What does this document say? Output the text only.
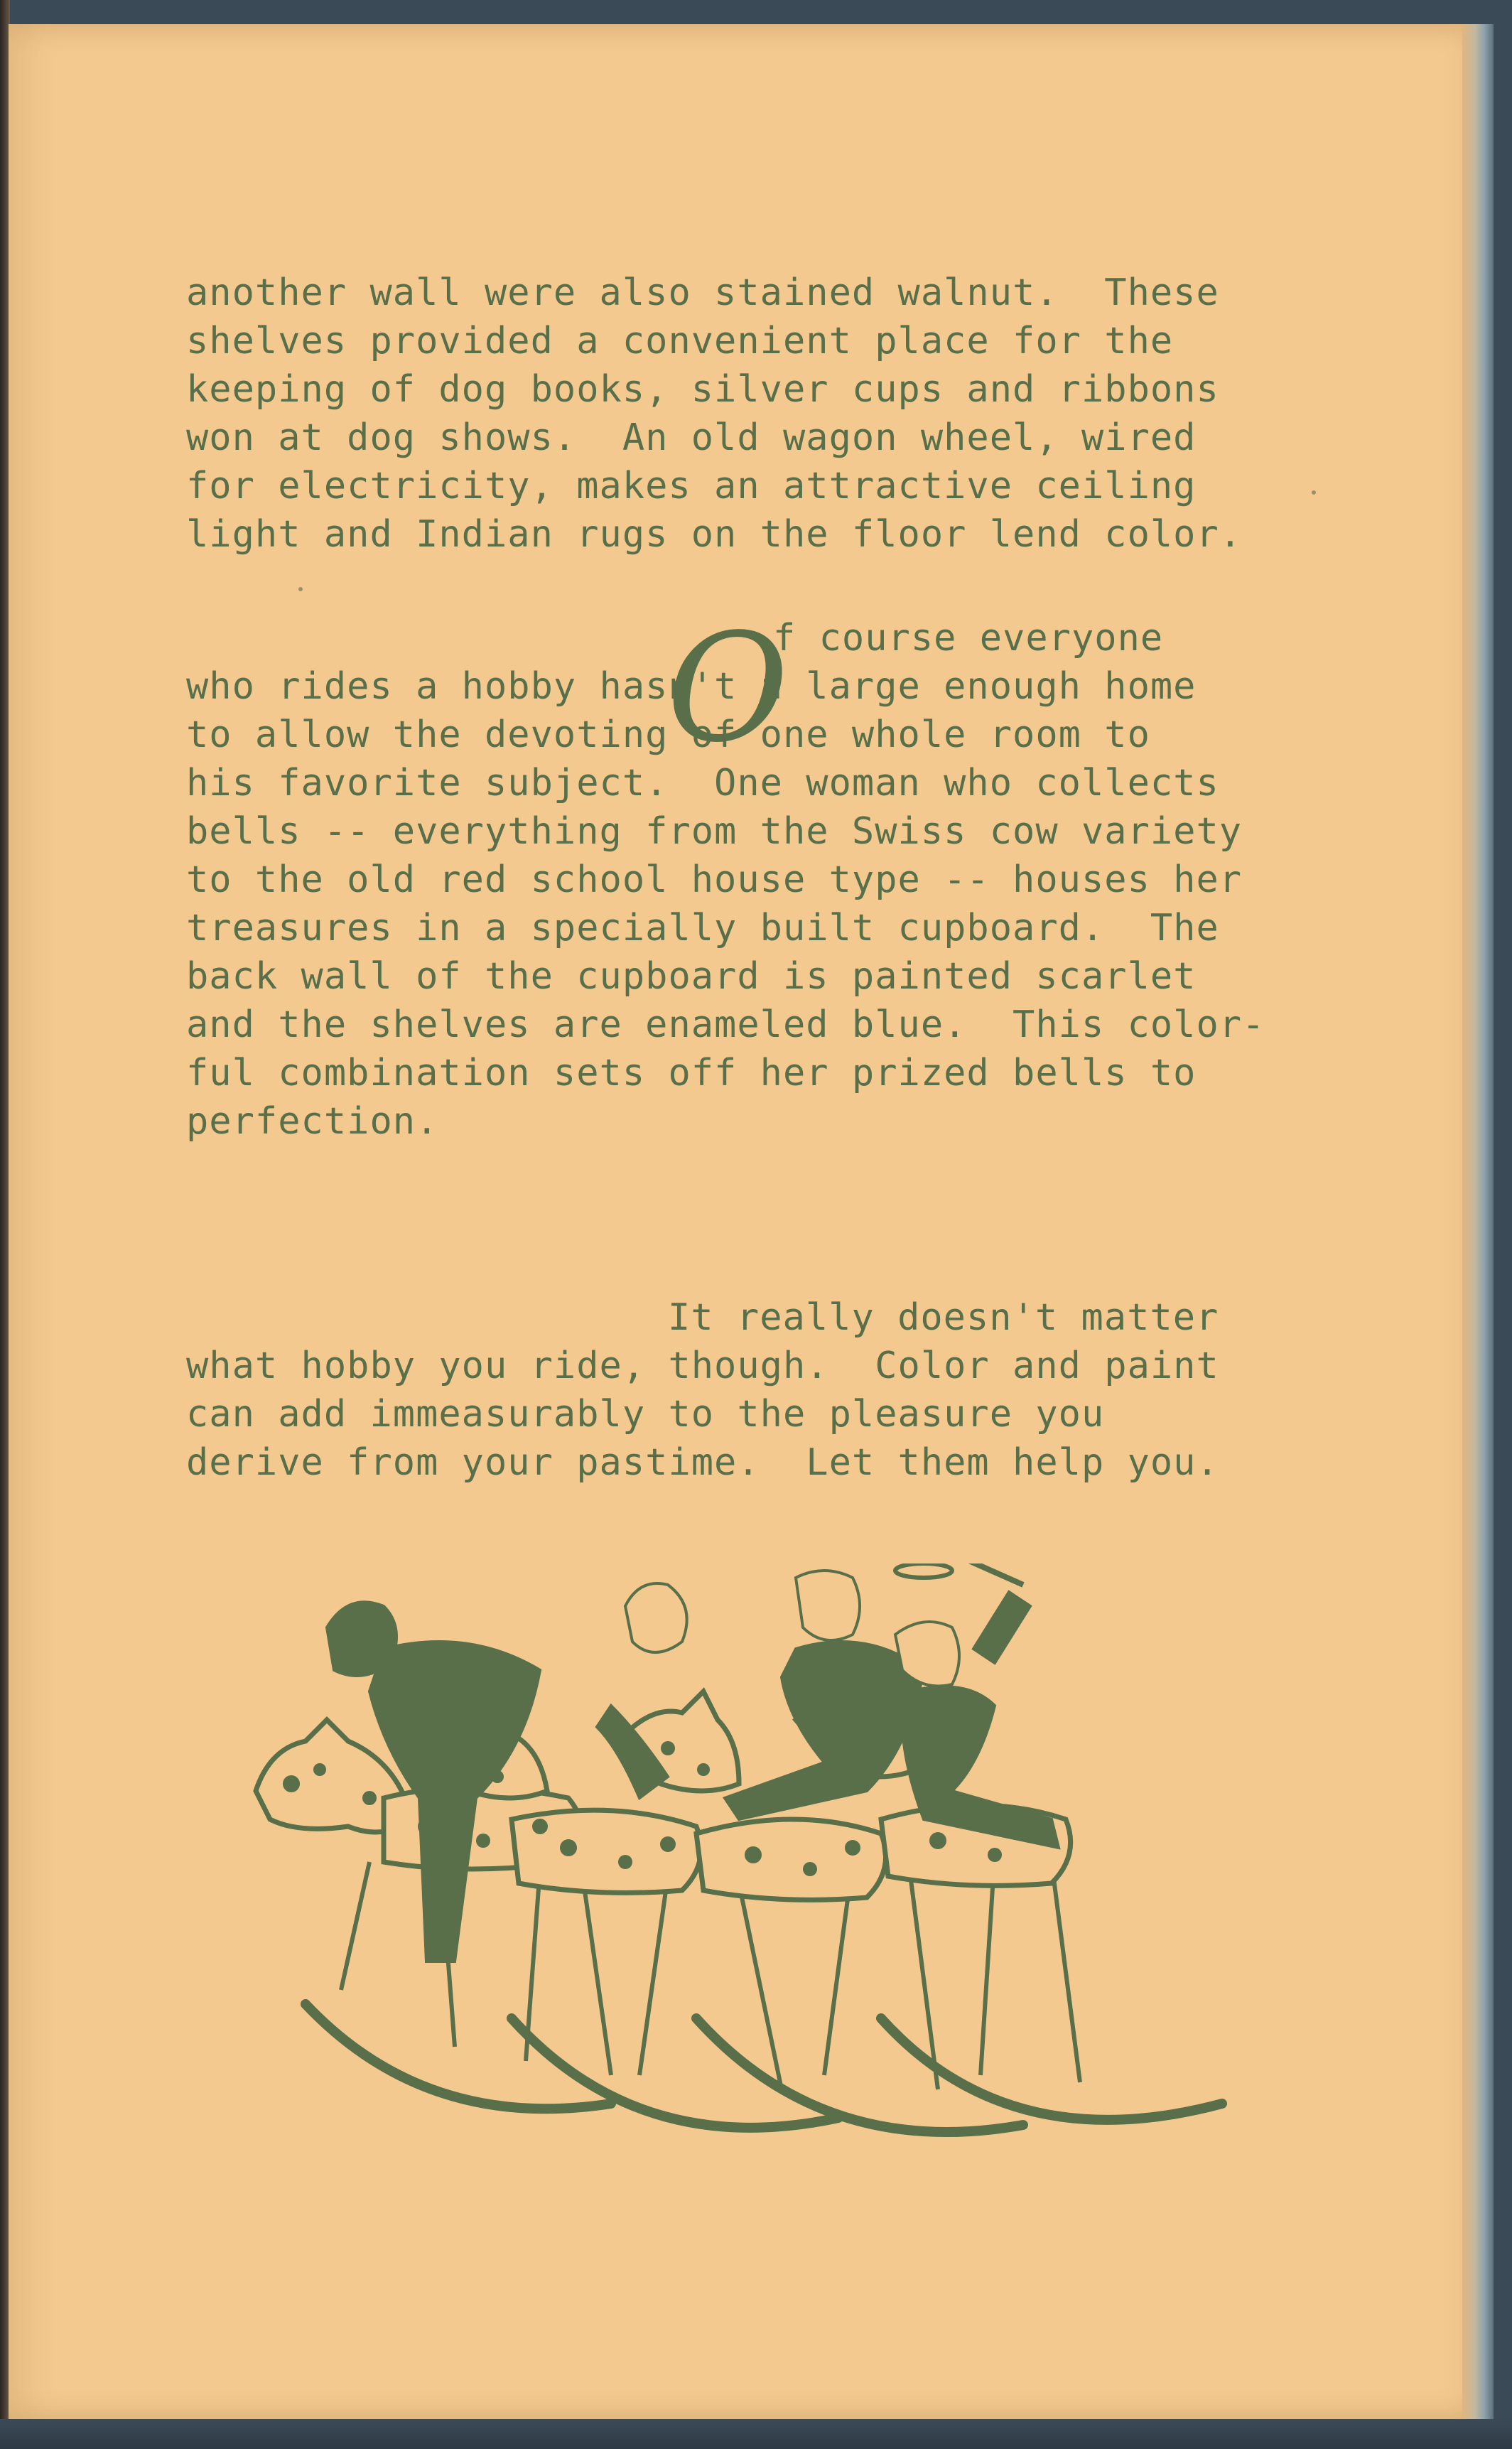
another wall were also stained walnut.  These
shelves provided a convenient place for the
keeping of dog books, silver cups and ribbons
won at dog shows.  An old wagon wheel, wired
for electricity, makes an attractive ceiling
light and Indian rugs on the floor lend color.
O
f course everyone
who rides a hobby hasn't a large enough home
to allow the devoting of one whole room to
his favorite subject.  One woman who collects
bells -- everything from the Swiss cow variety
to the old red school house type -- houses her
treasures in a specially built cupboard.  The
back wall of the cupboard is painted scarlet
and the shelves are enameled blue.  This color-
ful combination sets off her prized bells to
perfection.
It really doesn't matter
what hobby you ride, though.  Color and paint
can add immeasurably to the pleasure you
derive from your pastime.  Let them help you.
